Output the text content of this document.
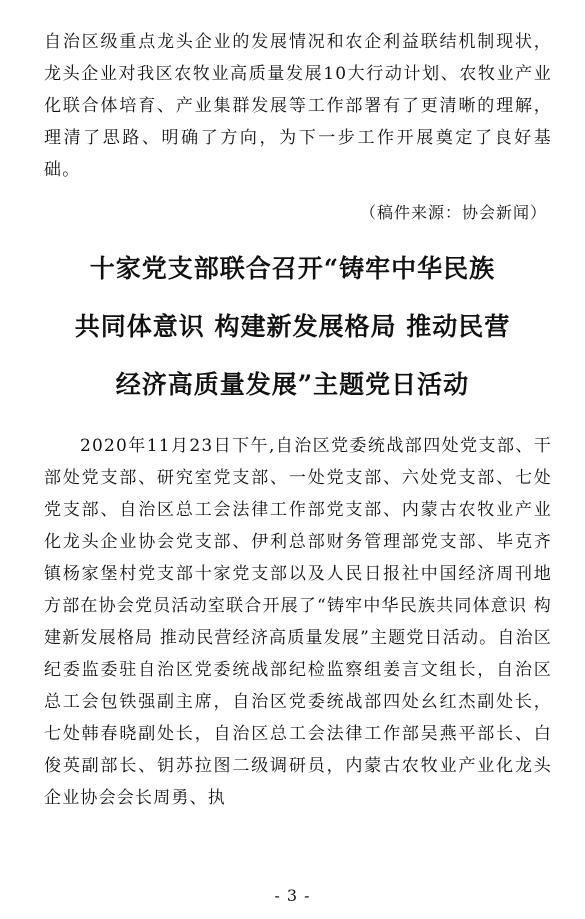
自治区级重点龙头企业的发展情况和农企利益联结机制现状，龙头企业对我区农牧业高质量发展10大行动计划、农牧业产业化联合体培育、产业集群发展等工作部署有了更清晰的理解，理清了思路、明确了方向，为下一步工作开展奠定了良好基础。

（稿件来源：协会新闻）
十家党支部联合召开“铸牢中华民族
共同体意识 构建新发展格局 推动民营
经济高质量发展”主题党日活动

2020年11月23日下午,自治区党委统战部四处党支部、干部处党支部、研究室党支部、一处党支部、六处党支部、七处党支部、自治区总工会法律工作部党支部、内蒙古农牧业产业化龙头企业协会党支部、伊利总部财务管理部党支部、毕克齐镇杨家堡村党支部十家党支部以及人民日报社中国经济周刊地方部在协会党员活动室联合开展了“铸牢中华民族共同体意识 构建新发展格局 推动民营经济高质量发展”主题党日活动。自治区纪委监委驻自治区党委统战部纪检监察组姜言文组长，自治区总工会包铁强副主席，自治区党委统战部四处幺红杰副处长，七处韩春晓副处长，自治区总工会法律工作部吴燕平部长、白俊英副部长、钥苏拉图二级调研员，内蒙古农牧业产业化龙头企业协会会长周勇、执

- 3 -
